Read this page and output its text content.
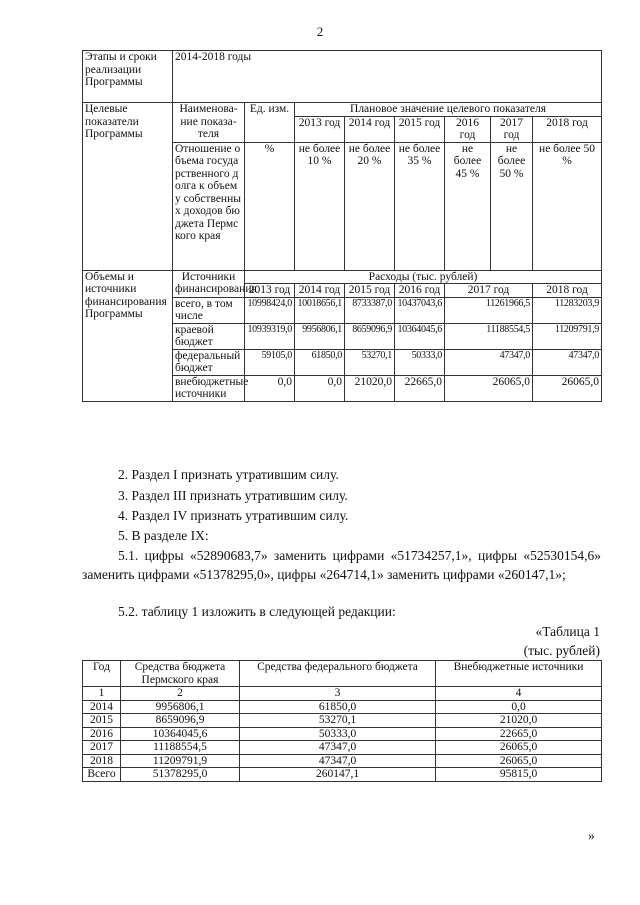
2
Этапы и сроки реализации Программы	2014-2018 годы							
Целевые показатели Программы	Наименова-ние показа-теля	Ед. изм.	Плановое значение целевого показателя					
			2013 год	2014 год	2015 год	2016 год	2017 год	2018 год
	Отношение объема государственного долга к объему собственных доходов бюджета Пермского края	%	не более 10 %	не более 20 %	не более 35 %	не более 45 %	не более 50 %	не более 50 %
Объемы и источники финансирования Программы	Источники финансирования	Расходы (тыс. рублей)						
		2013 год	2014 год	2015 год	2016 год	2017 год		2018 год
	всего, в том числе	10998424,0	10018656,1	8733387,0	10437043,6	11261966,5		11283203,9
	краевой бюджет	10939319,0	9956806,1	8659096,9	10364045,6	11188554,5		11209791,9
	федеральный бюджет	59105,0	61850,0	53270,1	50333,0	47347,0		47347,0
	внебюджетные источники	0,0	0,0	21020,0	22665,0	26065,0		26065,0
2. Раздел I признать утратившим силу.
3. Раздел III признать утратившим силу.
4. Раздел IV признать утратившим силу.
5. В разделе IX:
5.1. цифры «52890683,7» заменить цифрами «51734257,1», цифры «52530154,6» заменить цифрами «51378295,0», цифры «264714,1» заменить цифрами «260147,1»;
5.2. таблицу 1 изложить в следующей редакции:
«Таблица 1
(тыс. рублей)
Год	Средства бюджета Пермского края	Средства федерального бюджета	Внебюджетные источники
1	2	3	4
2014	9956806,1	61850,0	0,0
2015	8659096,9	53270,1	21020,0
2016	10364045,6	50333,0	22665,0
2017	11188554,5	47347,0	26065,0
2018	11209791,9	47347,0	26065,0
Всего	51378295,0	260147,1	95815,0
»
